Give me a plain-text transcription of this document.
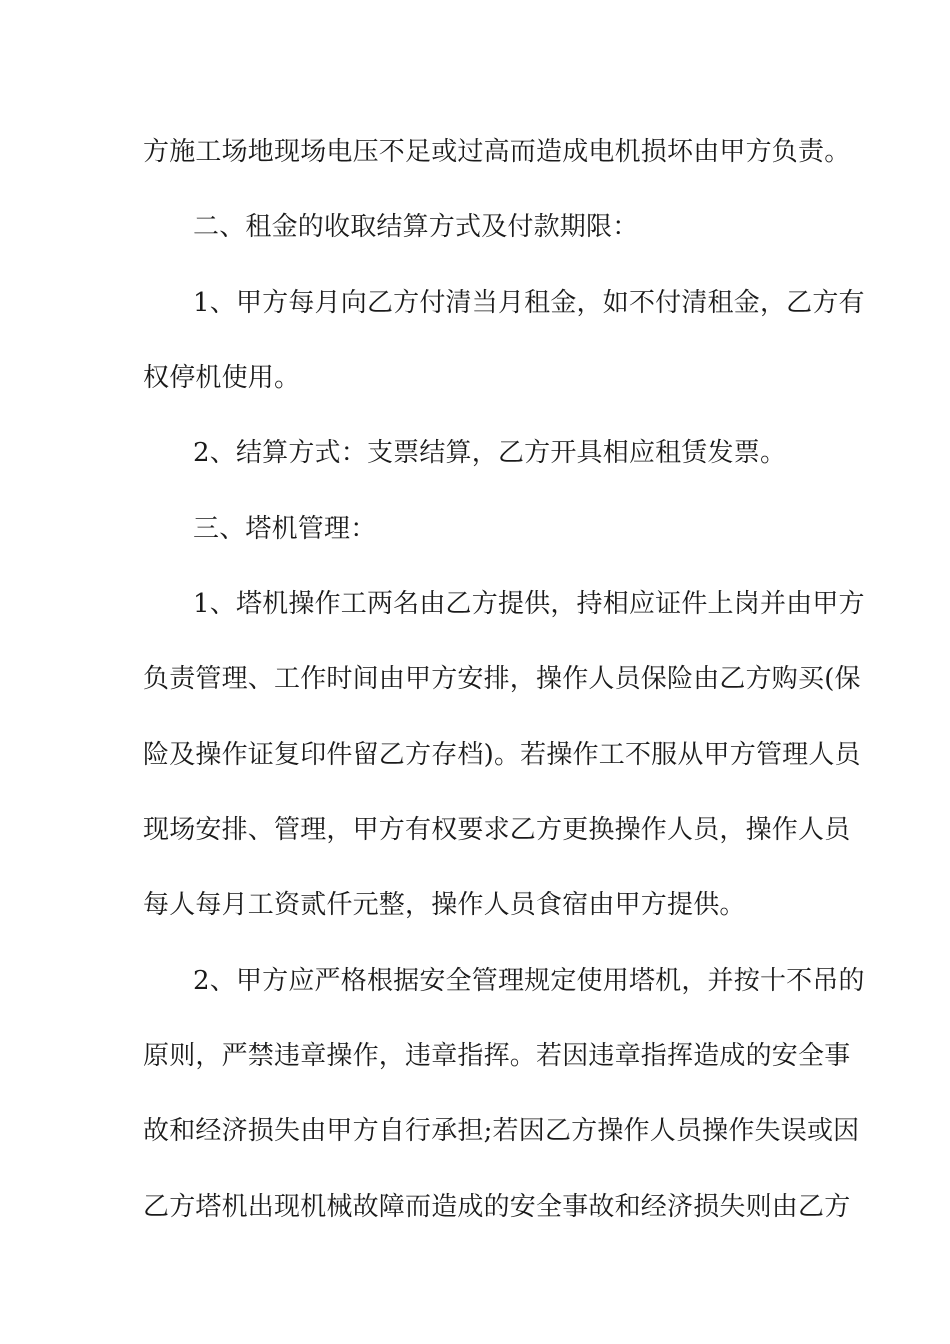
方施工场地现场电压不足或过高而造成电机损坏由甲方负责。
二、租金的收取结算方式及付款期限：
1、甲方每月向乙方付清当月租金，如不付清租金，乙方有
权停机使用。
2、结算方式：支票结算，乙方开具相应租赁发票。
三、塔机管理：
1、塔机操作工两名由乙方提供，持相应证件上岗并由甲方
负责管理、工作时间由甲方安排，操作人员保险由乙方购买(保
险及操作证复印件留乙方存档)。若操作工不服从甲方管理人员
现场安排、管理，甲方有权要求乙方更换操作人员，操作人员
每人每月工资贰仟元整，操作人员食宿由甲方提供。
2、甲方应严格根据安全管理规定使用塔机，并按十不吊的
原则，严禁违章操作，违章指挥。若因违章指挥造成的安全事
故和经济损失由甲方自行承担;若因乙方操作人员操作失误或因
乙方塔机出现机械故障而造成的安全事故和经济损失则由乙方
